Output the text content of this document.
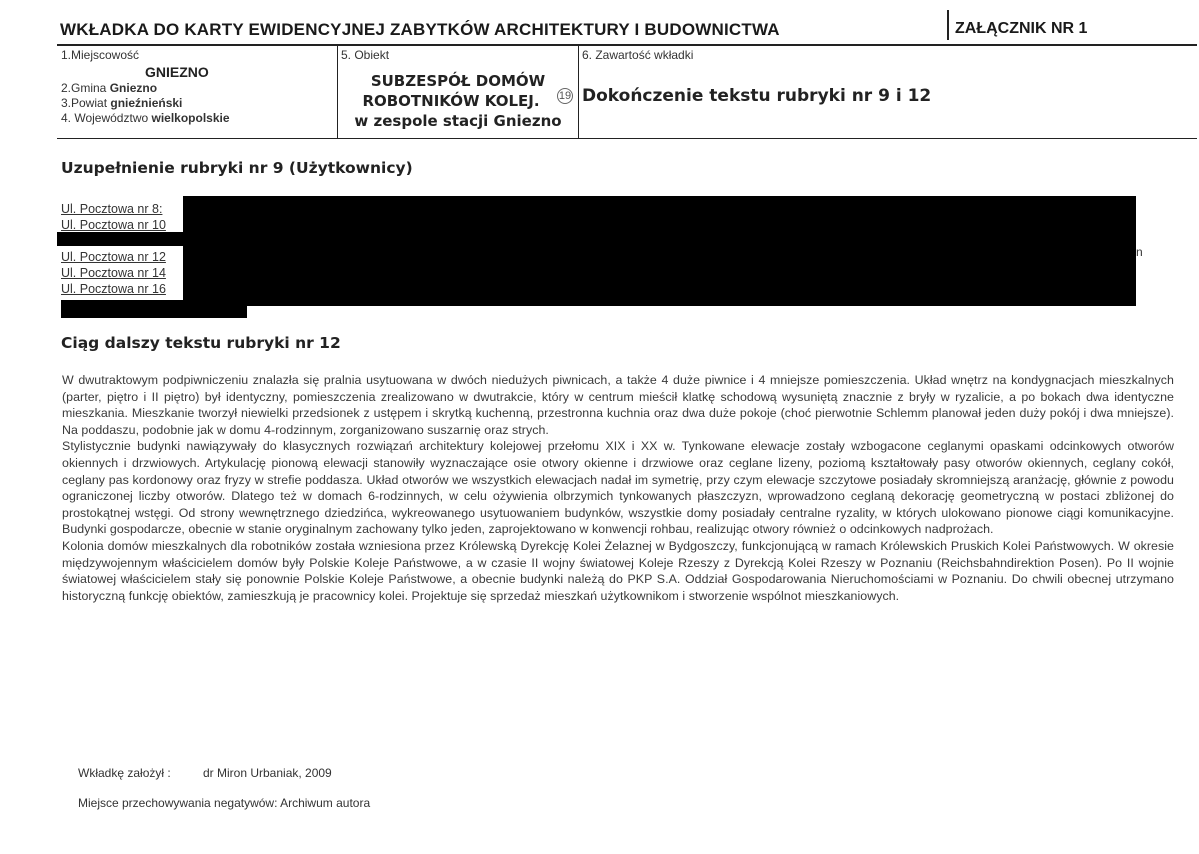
WKŁADKA DO KARTY EWIDENCYJNEJ ZABYTKÓW ARCHITEKTURY I BUDOWNICTWA	ZAŁĄCZNIK NR 1
1.Miejscowość
GNIEZNO
2.Gmina Gniezno
3.Powiat gnieźnieński
4. Województwo wielkopolskie
5. Obiekt
SUBZESPÓŁ DOMÓW
ROBOTNIKÓW KOLEJ.
w zespole stacji Gniezno
19
6. Zawartość wkładki
Dokończenie tekstu rubryki nr 9 i 12
Uzupełnienie rubryki nr 9 (Użytkownicy)
Ul. Pocztowa nr 8:
Ul. Pocztowa nr 10
Ul. Pocztowa nr 12
Ul. Pocztowa nr 14
Ul. Pocztowa nr 16
n
Ciąg dalszy tekstu rubryki nr 12

W dwutraktowym podpiwniczeniu znalazła się pralnia usytuowana w dwóch niedużych piwnicach, a także 4 duże piwnice i 4 mniejsze pomieszczenia. Układ wnętrz na kondygnacjach mieszkalnych (parter, piętro i II piętro) był identyczny, pomieszczenia zrealizowano w dwutrakcie, który w centrum mieścił klatkę schodową wysuniętą znacznie z bryły w ryzalicie, a po bokach dwa identyczne mieszkania. Mieszkanie tworzył niewielki przedsionek z ustępem i skrytką kuchenną, przestronna kuchnia oraz dwa duże pokoje (choć pierwotnie Schlemm planował jeden duży pokój i dwa mniejsze). Na poddaszu, podobnie jak w domu 4-rodzinnym, zorganizowano suszarnię oraz strych.

Stylistycznie budynki nawiązywały do klasycznych rozwiązań architektury kolejowej przełomu XIX i XX w. Tynkowane elewacje zostały wzbogacone ceglanymi opaskami odcinkowych otworów okiennych i drzwiowych. Artykulację pionową elewacji stanowiły wyznaczające osie otwory okienne i drzwiowe oraz ceglane lizeny, poziomą kształtowały pasy otworów okiennych, ceglany cokół, ceglany pas kordonowy oraz fryzy w strefie poddasza. Układ otworów we wszystkich elewacjach nadał im symetrię, przy czym elewacje szczytowe posiadały skromniejszą aranżację, głównie z powodu ograniczonej liczby otworów. Dlatego też w domach 6-rodzinnych, w celu ożywienia olbrzymich tynkowanych płaszczyzn, wprowadzono ceglaną dekorację geometryczną w postaci zbliżonej do prostokątnej wstęgi. Od strony wewnętrznego dziedzińca, wykreowanego usytuowaniem budynków, wszystkie domy posiadały centralne ryzality, w których ulokowano pionowe ciągi komunikacyjne. Budynki gospodarcze, obecnie w stanie oryginalnym zachowany tylko jeden, zaprojektowano w konwencji rohbau, realizując otwory również o odcinkowych nadprożach.

Kolonia domów mieszkalnych dla robotników została wzniesiona przez Królewską Dyrekcję Kolei Żelaznej w Bydgoszczy, funkcjonującą w ramach Królewskich Pruskich Kolei Państwowych. W okresie międzywojennym właścicielem domów były Polskie Koleje Państwowe, a w czasie II wojny światowej Koleje Rzeszy z Dyrekcją Kolei Rzeszy w Poznaniu (Reichsbahndirektion Posen). Po II wojnie światowej właścicielem stały się ponownie Polskie Koleje Państwowe, a obecnie budynki należą do PKP S.A. Oddział Gospodarowania Nieruchomościami w Poznaniu. Do chwili obecnej utrzymano historyczną funkcję obiektów, zamieszkują je pracownicy kolei. Projektuje się sprzedaż mieszkań użytkownikom i stworzenie wspólnot mieszkaniowych.

Wkładkę założył :	dr Miron Urbaniak, 2009
Miejsce przechowywania negatywów: Archiwum autora
